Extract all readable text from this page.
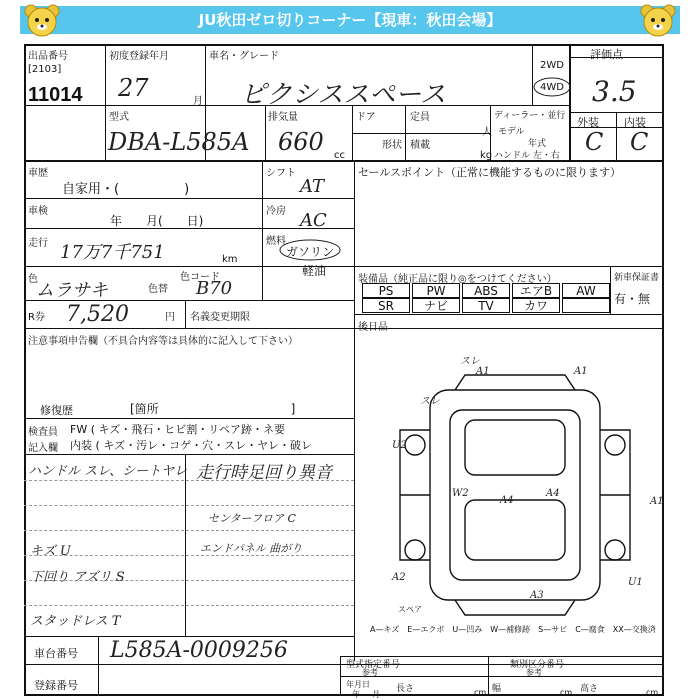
JU秋田ゼロ切りコーナー【現車：秋田会場】
出品番号
[2103]
11014
初度登録年月
27	月
車名・グレード
ピクシススペース
2WD
4WD
評価点
3.5
外装 内装
C C
型式
DBA-L585A
排気量
660 cc
ドア	定員
人
形状 積載
kg
ディーラー・並行
モデル
年式
ハンドル 左・右
車歴
自家用・(　　　　　)
シフト
AT
車検
年　　月(　　日)
冷房 AC
走行 17万7千751	km
燃料
ガソリン
軽油
色
ムラサキ	色替
色コード
B70
R券 7,520	円 名義変更期限
セールスポイント（正常に機能するものに限ります）
装備品（純正品に限り◎をつけてください）	新車保証書
有・無
PS	PW	ABS	エアB	AW
SR	ナビ	TV	カワ
後日品
注意事項申告欄（不具合内容等は具体的に記入して下さい）
修復歴	[箇所　　　　　　　　　　　]
検査員 FW ( キズ・飛石・ヒビ割・リペア跡・ネ要
記入欄 内装 ( キズ・汚レ・コゲ・穴・スレ・ヤレ・破レ
ハンドル スレ、シートヤレ 走行時足回り異音
センターフロア C
エンドパネル 曲がり
キズ U
下回り アズリ S
スタッドレス T
スレ
A1	A1
スレ
U2
W2
A4
A4
A1
A2	U1
A3
スペア
A—キズ　E—エクボ　U—凹み　W—補修跡　S—サビ　C—腐食　XX—交換済
車台番号 L585A-0009256
登録番号
型式指定番号
参考
類別区分番号
参考
年月日
年 月
長さ	cm 幅	cm 高さ	cm
